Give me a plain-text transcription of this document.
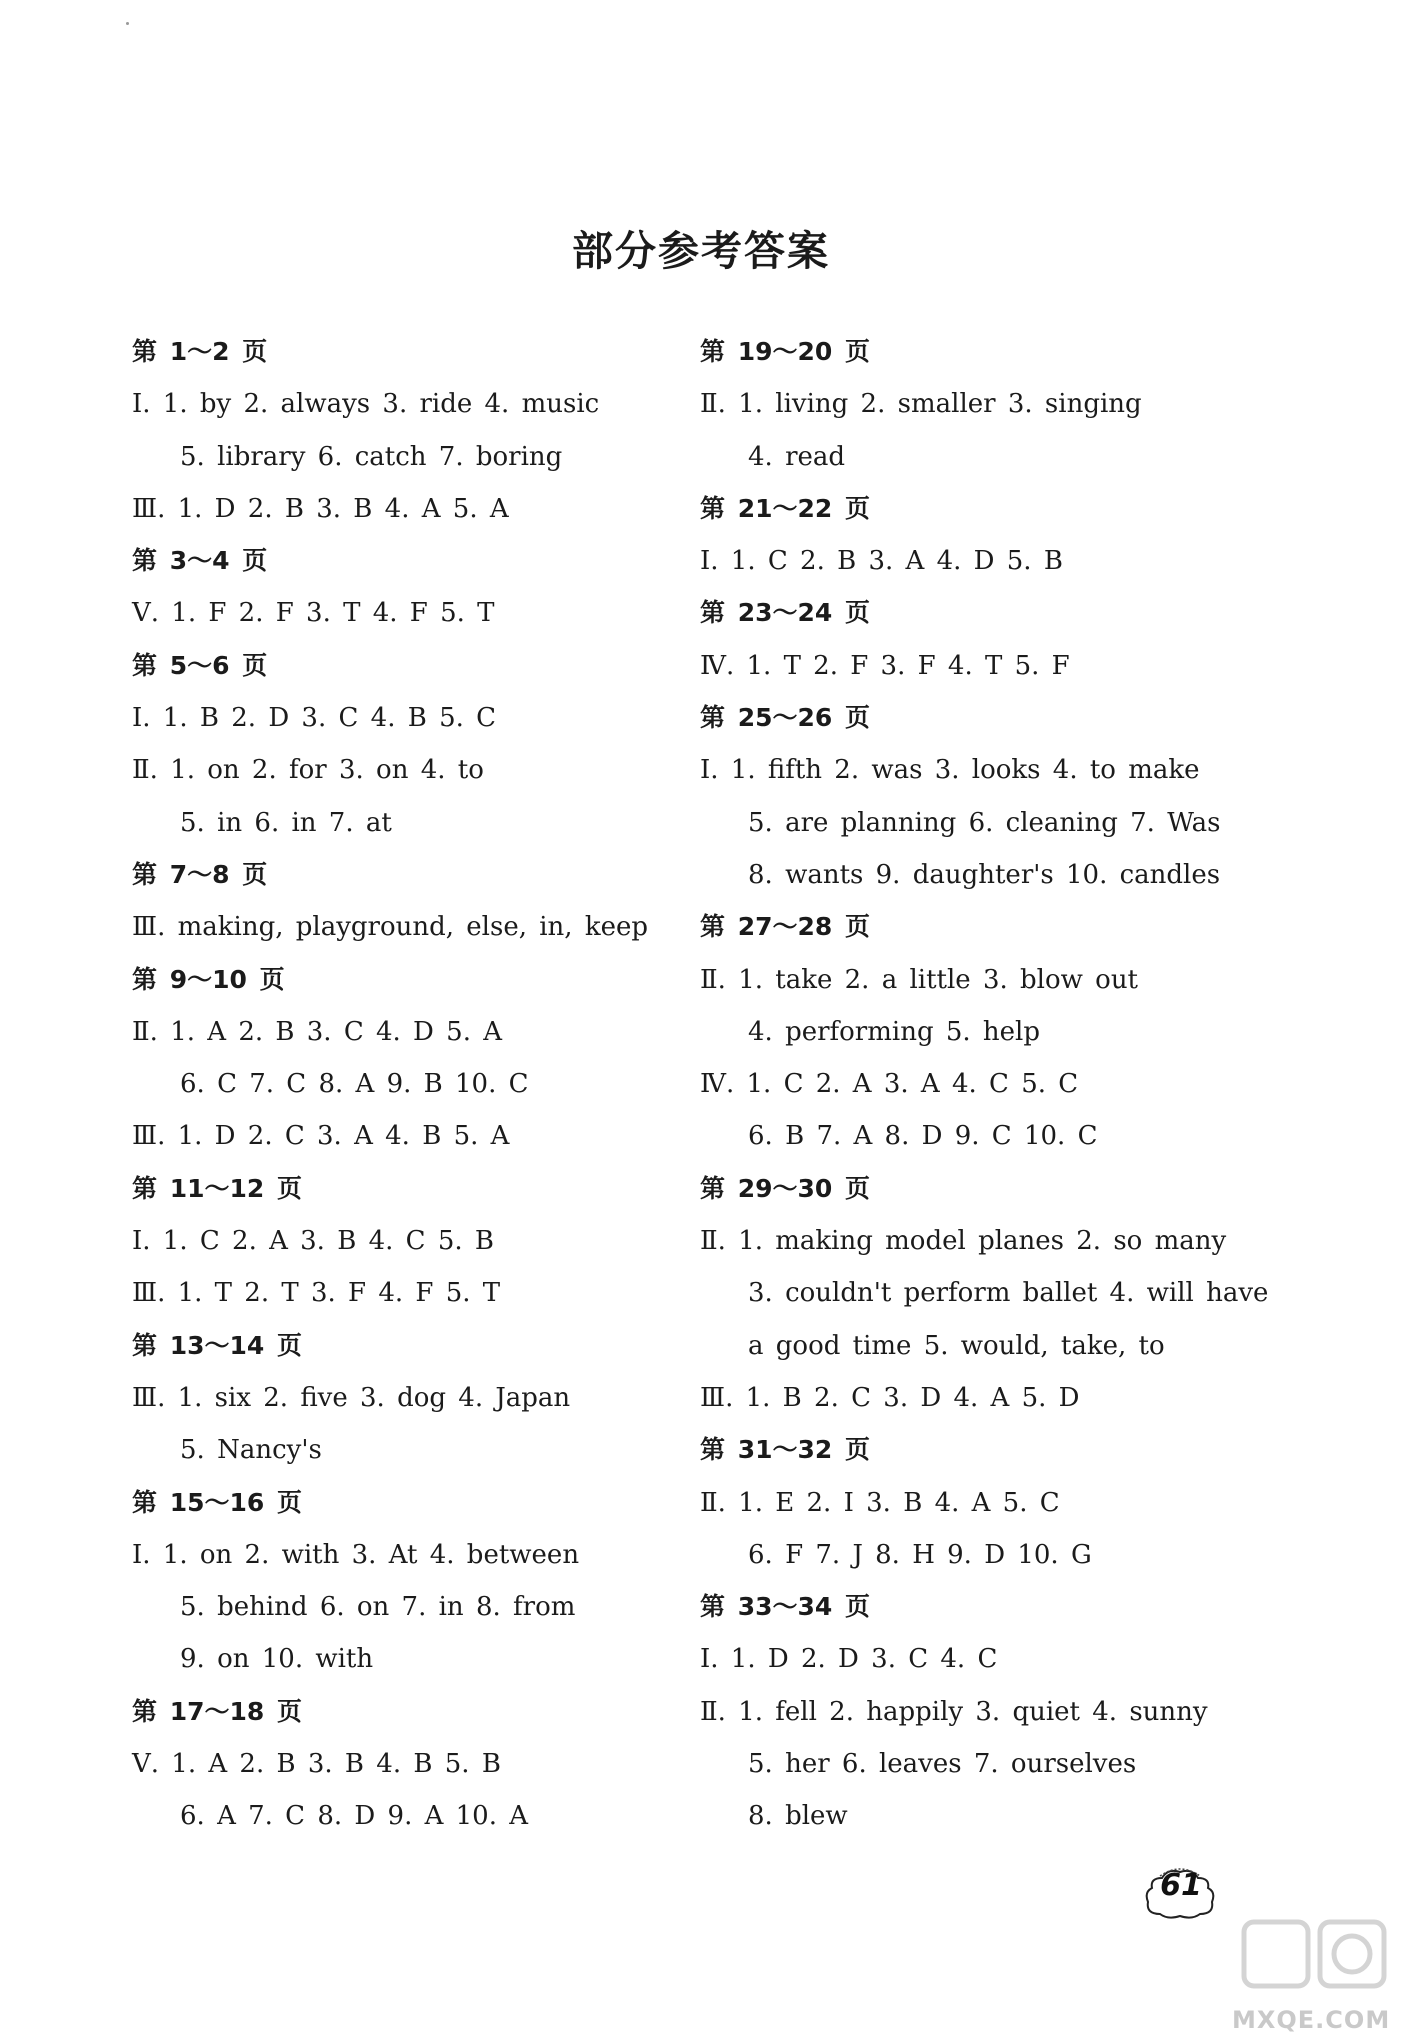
部分参考答案
第 1～2 页
Ⅰ. 1. by 2. always 3. ride 4. music
5. library 6. catch 7. boring
Ⅲ. 1. D 2. B 3. B 4. A 5. A
第 3～4 页
Ⅴ. 1. F 2. F 3. T 4. F 5. T
第 5～6 页
Ⅰ. 1. B 2. D 3. C 4. B 5. C
Ⅱ. 1. on 2. for 3. on 4. to
5. in 6. in 7. at
第 7～8 页
Ⅲ. making, playground, else, in, keep
第 9～10 页
Ⅱ. 1. A 2. B 3. C 4. D 5. A
6. C 7. C 8. A 9. B 10. C
Ⅲ. 1. D 2. C 3. A 4. B 5. A
第 11～12 页
Ⅰ. 1. C 2. A 3. B 4. C 5. B
Ⅲ. 1. T 2. T 3. F 4. F 5. T
第 13～14 页
Ⅲ. 1. six 2. five 3. dog 4. Japan
5. Nancy's
第 15～16 页
Ⅰ. 1. on 2. with 3. At 4. between
5. behind 6. on 7. in 8. from
9. on 10. with
第 17～18 页
Ⅴ. 1. A 2. B 3. B 4. B 5. B
6. A 7. C 8. D 9. A 10. A
第 19～20 页
Ⅱ. 1. living 2. smaller 3. singing
4. read
第 21～22 页
Ⅰ. 1. C 2. B 3. A 4. D 5. B
第 23～24 页
Ⅳ. 1. T 2. F 3. F 4. T 5. F
第 25～26 页
Ⅰ. 1. fifth 2. was 3. looks 4. to make
5. are planning 6. cleaning 7. Was
8. wants 9. daughter's 10. candles
第 27～28 页
Ⅱ. 1. take 2. a little 3. blow out
4. performing 5. help
Ⅳ. 1. C 2. A 3. A 4. C 5. C
6. B 7. A 8. D 9. C 10. C
第 29～30 页
Ⅱ. 1. making model planes 2. so many
3. couldn't perform ballet 4. will have
a good time 5. would, take, to
Ⅲ. 1. B 2. C 3. D 4. A 5. D
第 31～32 页
Ⅱ. 1. E 2. I 3. B 4. A 5. C
6. F 7. J 8. H 9. D 10. G
第 33～34 页
Ⅰ. 1. D 2. D 3. C 4. C
Ⅱ. 1. fell 2. happily 3. quiet 4. sunny
5. her 6. leaves 7. ourselves
8. blew
61
MXQE.COM
